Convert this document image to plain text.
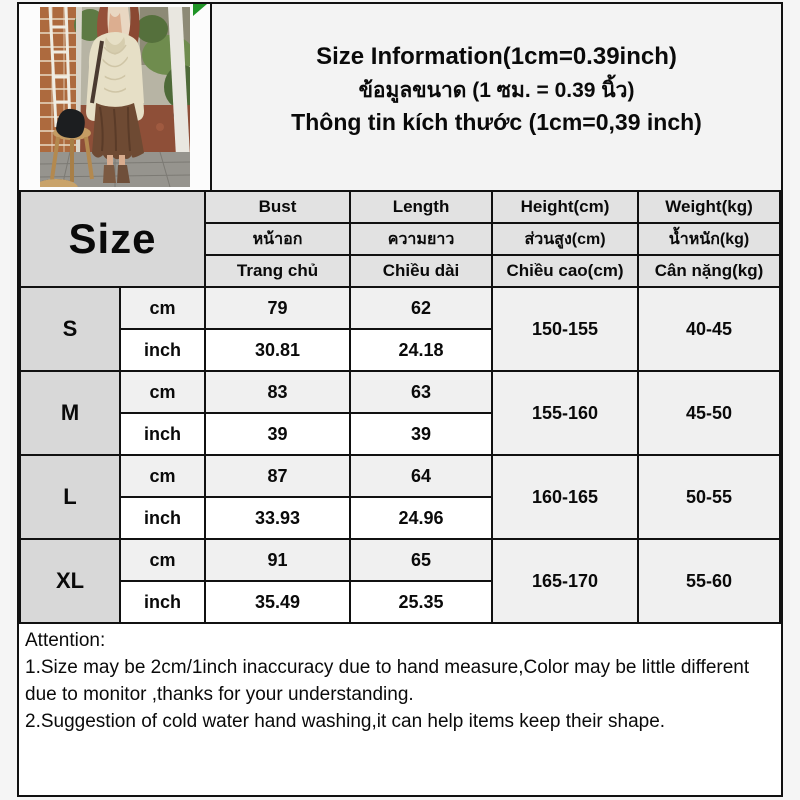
Size Information(1cm=0.39inch)
ข้อมูลขนาด (1 ซม. = 0.39 นิ้ว)
Thông tin kích thước (1cm=0,39 inch)
Size		Bust	Length	Height(cm)	Weight(kg)
		หน้าอก	ความยาว	ส่วนสูง(cm)	น้ำหนัก(kg)
		Trang chủ	Chiều dài	Chiều cao(cm)	Cân nặng(kg)
S	cm	79	62	150-155	40-45
	inch	30.81	24.18		
M	cm	83	63	155-160	45-50
	inch	39	39		
L	cm	87	64	160-165	50-55
	inch	33.93	24.96		
XL	cm	91	65	165-170	55-60
	inch	35.49	25.35		

Attention:

1.Size may be 2cm/1inch inaccuracy due to hand measure,Color may be little different due to monitor ,thanks for your understanding.

2.Suggestion of cold water hand washing,it can help items keep their shape.
